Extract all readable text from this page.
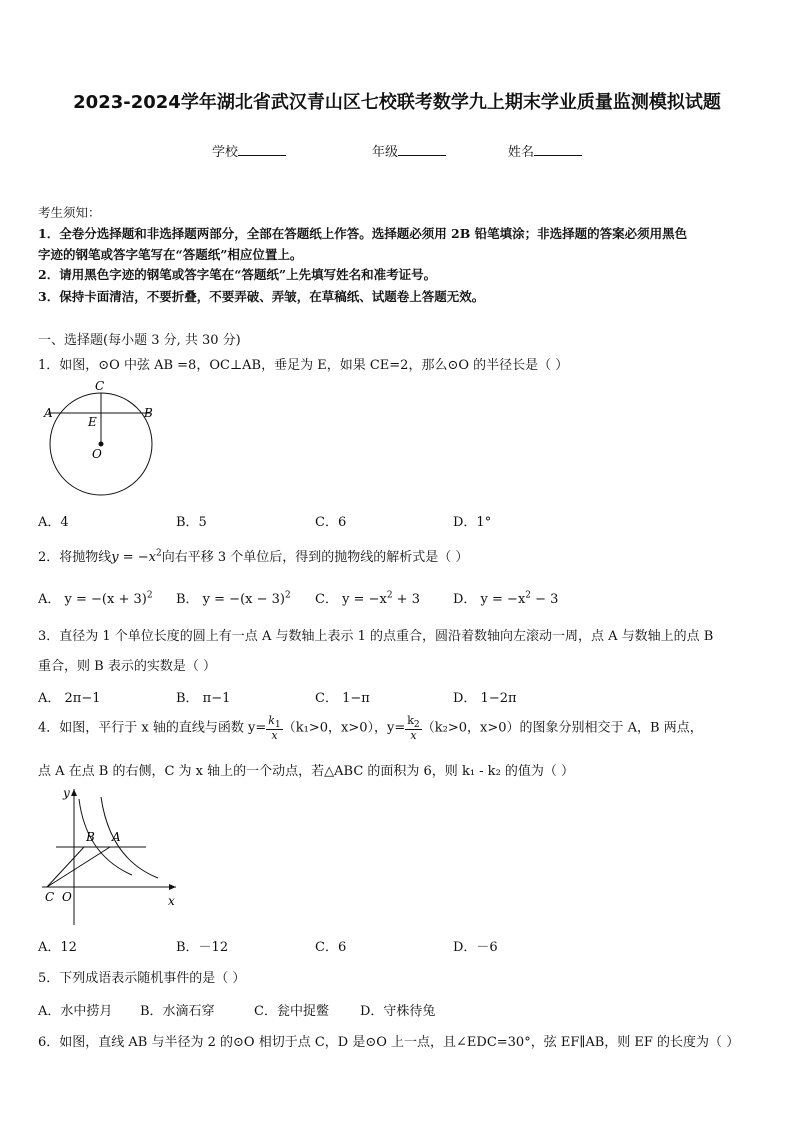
2023-2024学年湖北省武汉青山区七校联考数学九上期末学业质量监测模拟试题
学校	年级	姓名
考生须知：
1．全卷分选择题和非选择题两部分，全部在答题纸上作答。选择题必须用 2B 铅笔填涂；非选择题的答案必须用黑色
字迹的钢笔或答字笔写在“答题纸”相应位置上。
2．请用黑色字迹的钢笔或答字笔在“答题纸”上先填写姓名和准考证号。
3．保持卡面清洁，不要折叠，不要弄破、弄皱，在草稿纸、试题卷上答题无效。
一、选择题(每小题 3 分, 共 30 分)
1．如图，⊙O 中弦 AB =8，OC⊥AB，垂足为 E，如果 CE=2，那么⊙O 的半径长是（ ）
C
A	B
E
O
A．4	B．5	C．6	D．1°
2．将抛物线$y = -x^2$向右平移 3 个单位后，得到的抛物线的解析式是（ ）
A． $y = -(x + 3)^2$ B． $y = -(x - 3)^2$ C． $y = -x^2 + 3$	D． $y = -x^2 - 3$
3．直径为 1 个单位长度的圆上有一点 A 与数轴上表示 1 的点重合，圆沿着数轴向左滚动一周，点 A 与数轴上的点 B
重合，则 B 表示的实数是（ ）
A． 2π−1	B． π−1	C． 1−π	D． 1−2π
4．如图，平行于 x 轴的直线与函数 $y= \frac{k_1}{x} (k_1>0$，x>0），$y= \frac{k_2}{x} (k_2>0$，x>0）的图象分别相交于 A，B 两点，
点 A 在点 B 的右侧，C 为 x 轴上的一个动点，若△ABC 的面积为 6，则 k₁ - k₂ 的值为（ ）
y
B A
C O	x
A．12	B．－12	C．6	D．－6
5．下列成语表示随机事件的是（ ）
A．水中捞月 B．水滴石穿	C．瓮中捉鳖 D．守株待兔
6．如图，直线 AB 与半径为 2 的⊙O 相切于点 C，D 是⊙O 上一点，且∠EDC=30°，弦 EF∥AB，则 EF 的长度为（ ）
